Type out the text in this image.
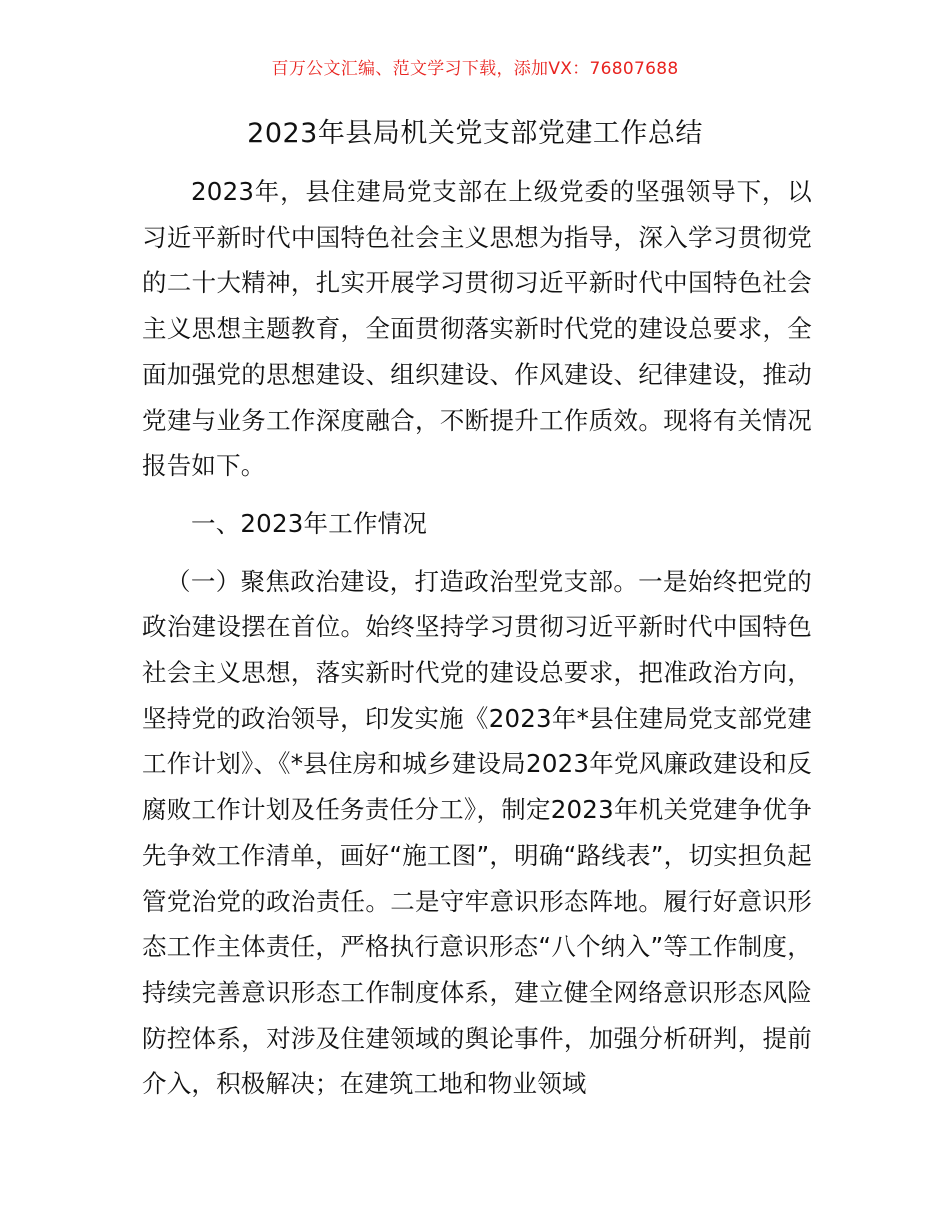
百万公文汇编、范文学习下载，添加VX：76807688
2023年县局机关党支部党建工作总结

2023年，县住建局党支部在上级党委的坚强领导下，以习近平新时代中国特色社会主义思想为指导，深入学习贯彻党的二十大精神，扎实开展学习贯彻习近平新时代中国特色社会主义思想主题教育，全面贯彻落实新时代党的建设总要求，全面加强党的思想建设、组织建设、作风建设、纪律建设，推动党建与业务工作深度融合，不断提升工作质效。现将有关情况报告如下。

一、2023年工作情况

（一）聚焦政治建设，打造政治型党支部。一是始终把党的政治建设摆在首位。始终坚持学习贯彻习近平新时代中国特色社会主义思想，落实新时代党的建设总要求，把准政治方向，坚持党的政治领导，印发实施《2023年*县住建局党支部党建工作计划》、《*县住房和城乡建设局2023年党风廉政建设和反腐败工作计划及任务责任分工》，制定2023年机关党建争优争先争效工作清单，画好“施工图”，明确“路线表”，切实担负起管党治党的政治责任。二是守牢意识形态阵地。履行好意识形态工作主体责任，严格执行意识形态“八个纳入”等工作制度，持续完善意识形态工作制度体系，建立健全网络意识形态风险防控体系，对涉及住建领域的舆论事件，加强分析研判，提前介入，积极解决；在建筑工地和物业领域
